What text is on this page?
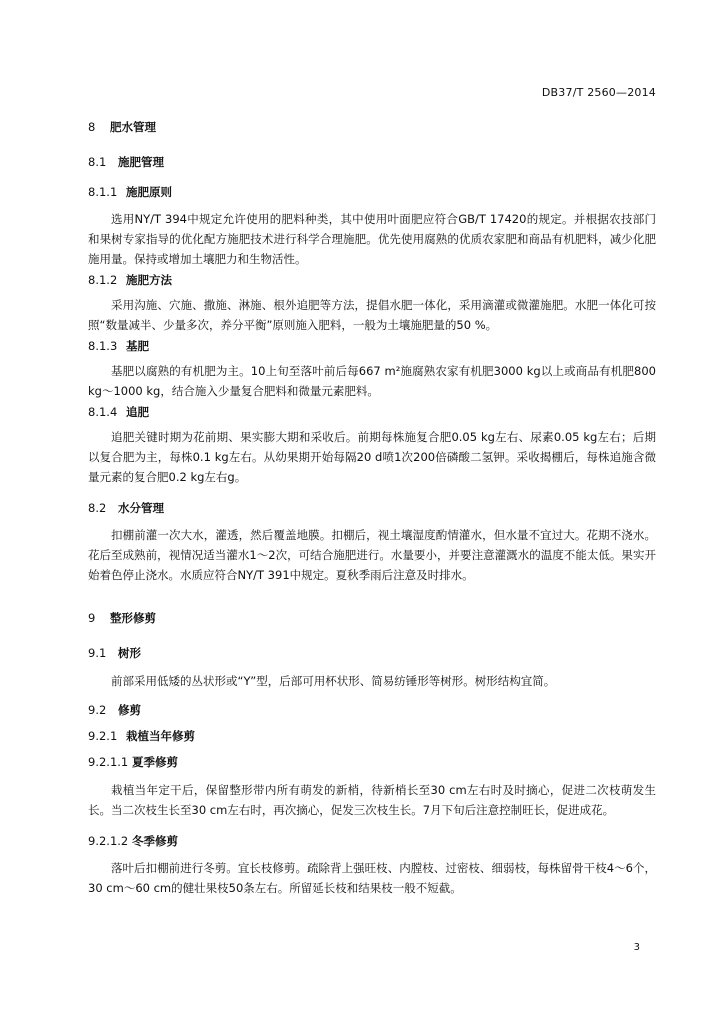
DB37/T 2560—2014
8 肥水管理
8.1 施肥管理
8.1.1 施肥原则

选用NY/T 394中规定允许使用的肥料种类，其中使用叶面肥应符合GB/T 17420的规定。并根据农技部门和果树专家指导的优化配方施肥技术进行科学合理施肥。优先使用腐熟的优质农家肥和商品有机肥料，减少化肥施用量。保持或增加土壤肥力和生物活性。

8.1.2 施肥方法

采用沟施、穴施、撒施、淋施、根外追肥等方法，提倡水肥一体化，采用滴灌或微灌施肥。水肥一体化可按照“数量减半、少量多次，养分平衡”原则施入肥料，一般为土壤施肥量的50 %。

8.1.3 基肥

基肥以腐熟的有机肥为主。10上旬至落叶前后每667 m²施腐熟农家有机肥3000 kg以上或商品有机肥800 kg～1000 kg，结合施入少量复合肥料和微量元素肥料。

8.1.4 追肥

追肥关键时期为花前期、果实膨大期和采收后。前期每株施复合肥0.05 kg左右、尿素0.05 kg左右；后期以复合肥为主，每株0.1 kg左右。从幼果期开始每隔20 d喷1次200倍磷酸二氢钾。采收揭棚后，每株追施含微量元素的复合肥0.2 kg左右g。

8.2 水分管理

扣棚前灌一次大水，灌透，然后覆盖地膜。扣棚后，视土壤湿度酌情灌水，但水量不宜过大。花期不浇水。花后至成熟前，视情况适当灌水1～2次，可结合施肥进行。水量要小，并要注意灌溉水的温度不能太低。果实开始着色停止浇水。水质应符合NY/T 391中规定。夏秋季雨后注意及时排水。

9 整形修剪
9.1 树形

前部采用低矮的丛状形或“Y”型，后部可用杯状形、简易纺锤形等树形。树形结构宜简。

9.2 修剪
9.2.1 栽植当年修剪
9.2.1.1 夏季修剪

栽植当年定干后，保留整形带内所有萌发的新梢，待新梢长至30 cm左右时及时摘心，促进二次枝萌发生长。当二次枝生长至30 cm左右时，再次摘心，促发三次枝生长。7月下旬后注意控制旺长，促进成花。

9.2.1.2 冬季修剪

落叶后扣棚前进行冬剪。宜长枝修剪。疏除背上强旺枝、内膛枝、过密枝、细弱枝，每株留骨干枝4～6个，30 cm～60 cm的健壮果枝50条左右。所留延长枝和结果枝一般不短截。

3
